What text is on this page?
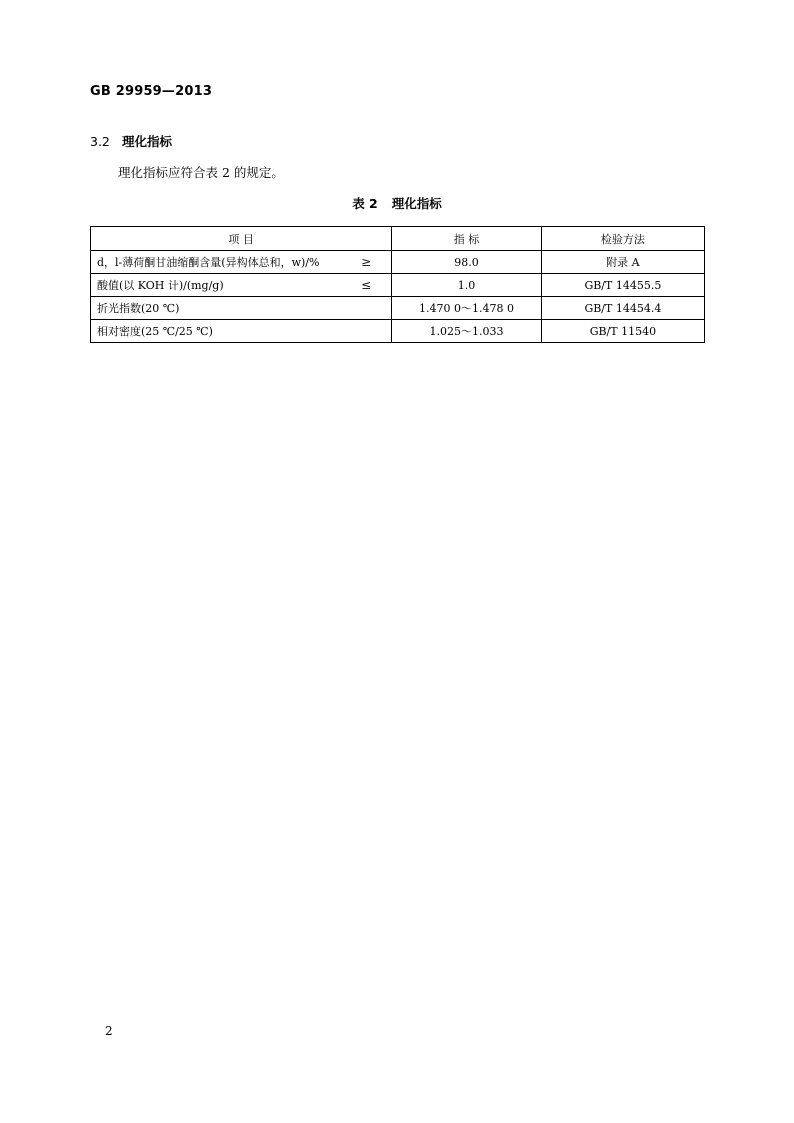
GB 29959—2013
3.2 理化指标
理化指标应符合表 2 的规定。
表 2 理化指标
项 目	指 标	检验方法

d，l-薄荷酮甘油缩酮含量(异构体总和，w)/% ≥	98.0	附录 A

酸值(以 KOH 计)/(mg/g) ≤	1.0	GB/T 14455.5

折光指数(20 ℃)	1.470 0～1.478 0	GB/T 14454.4

相对密度(25 ℃/25 ℃)	1.025～1.033	GB/T 11540
2
